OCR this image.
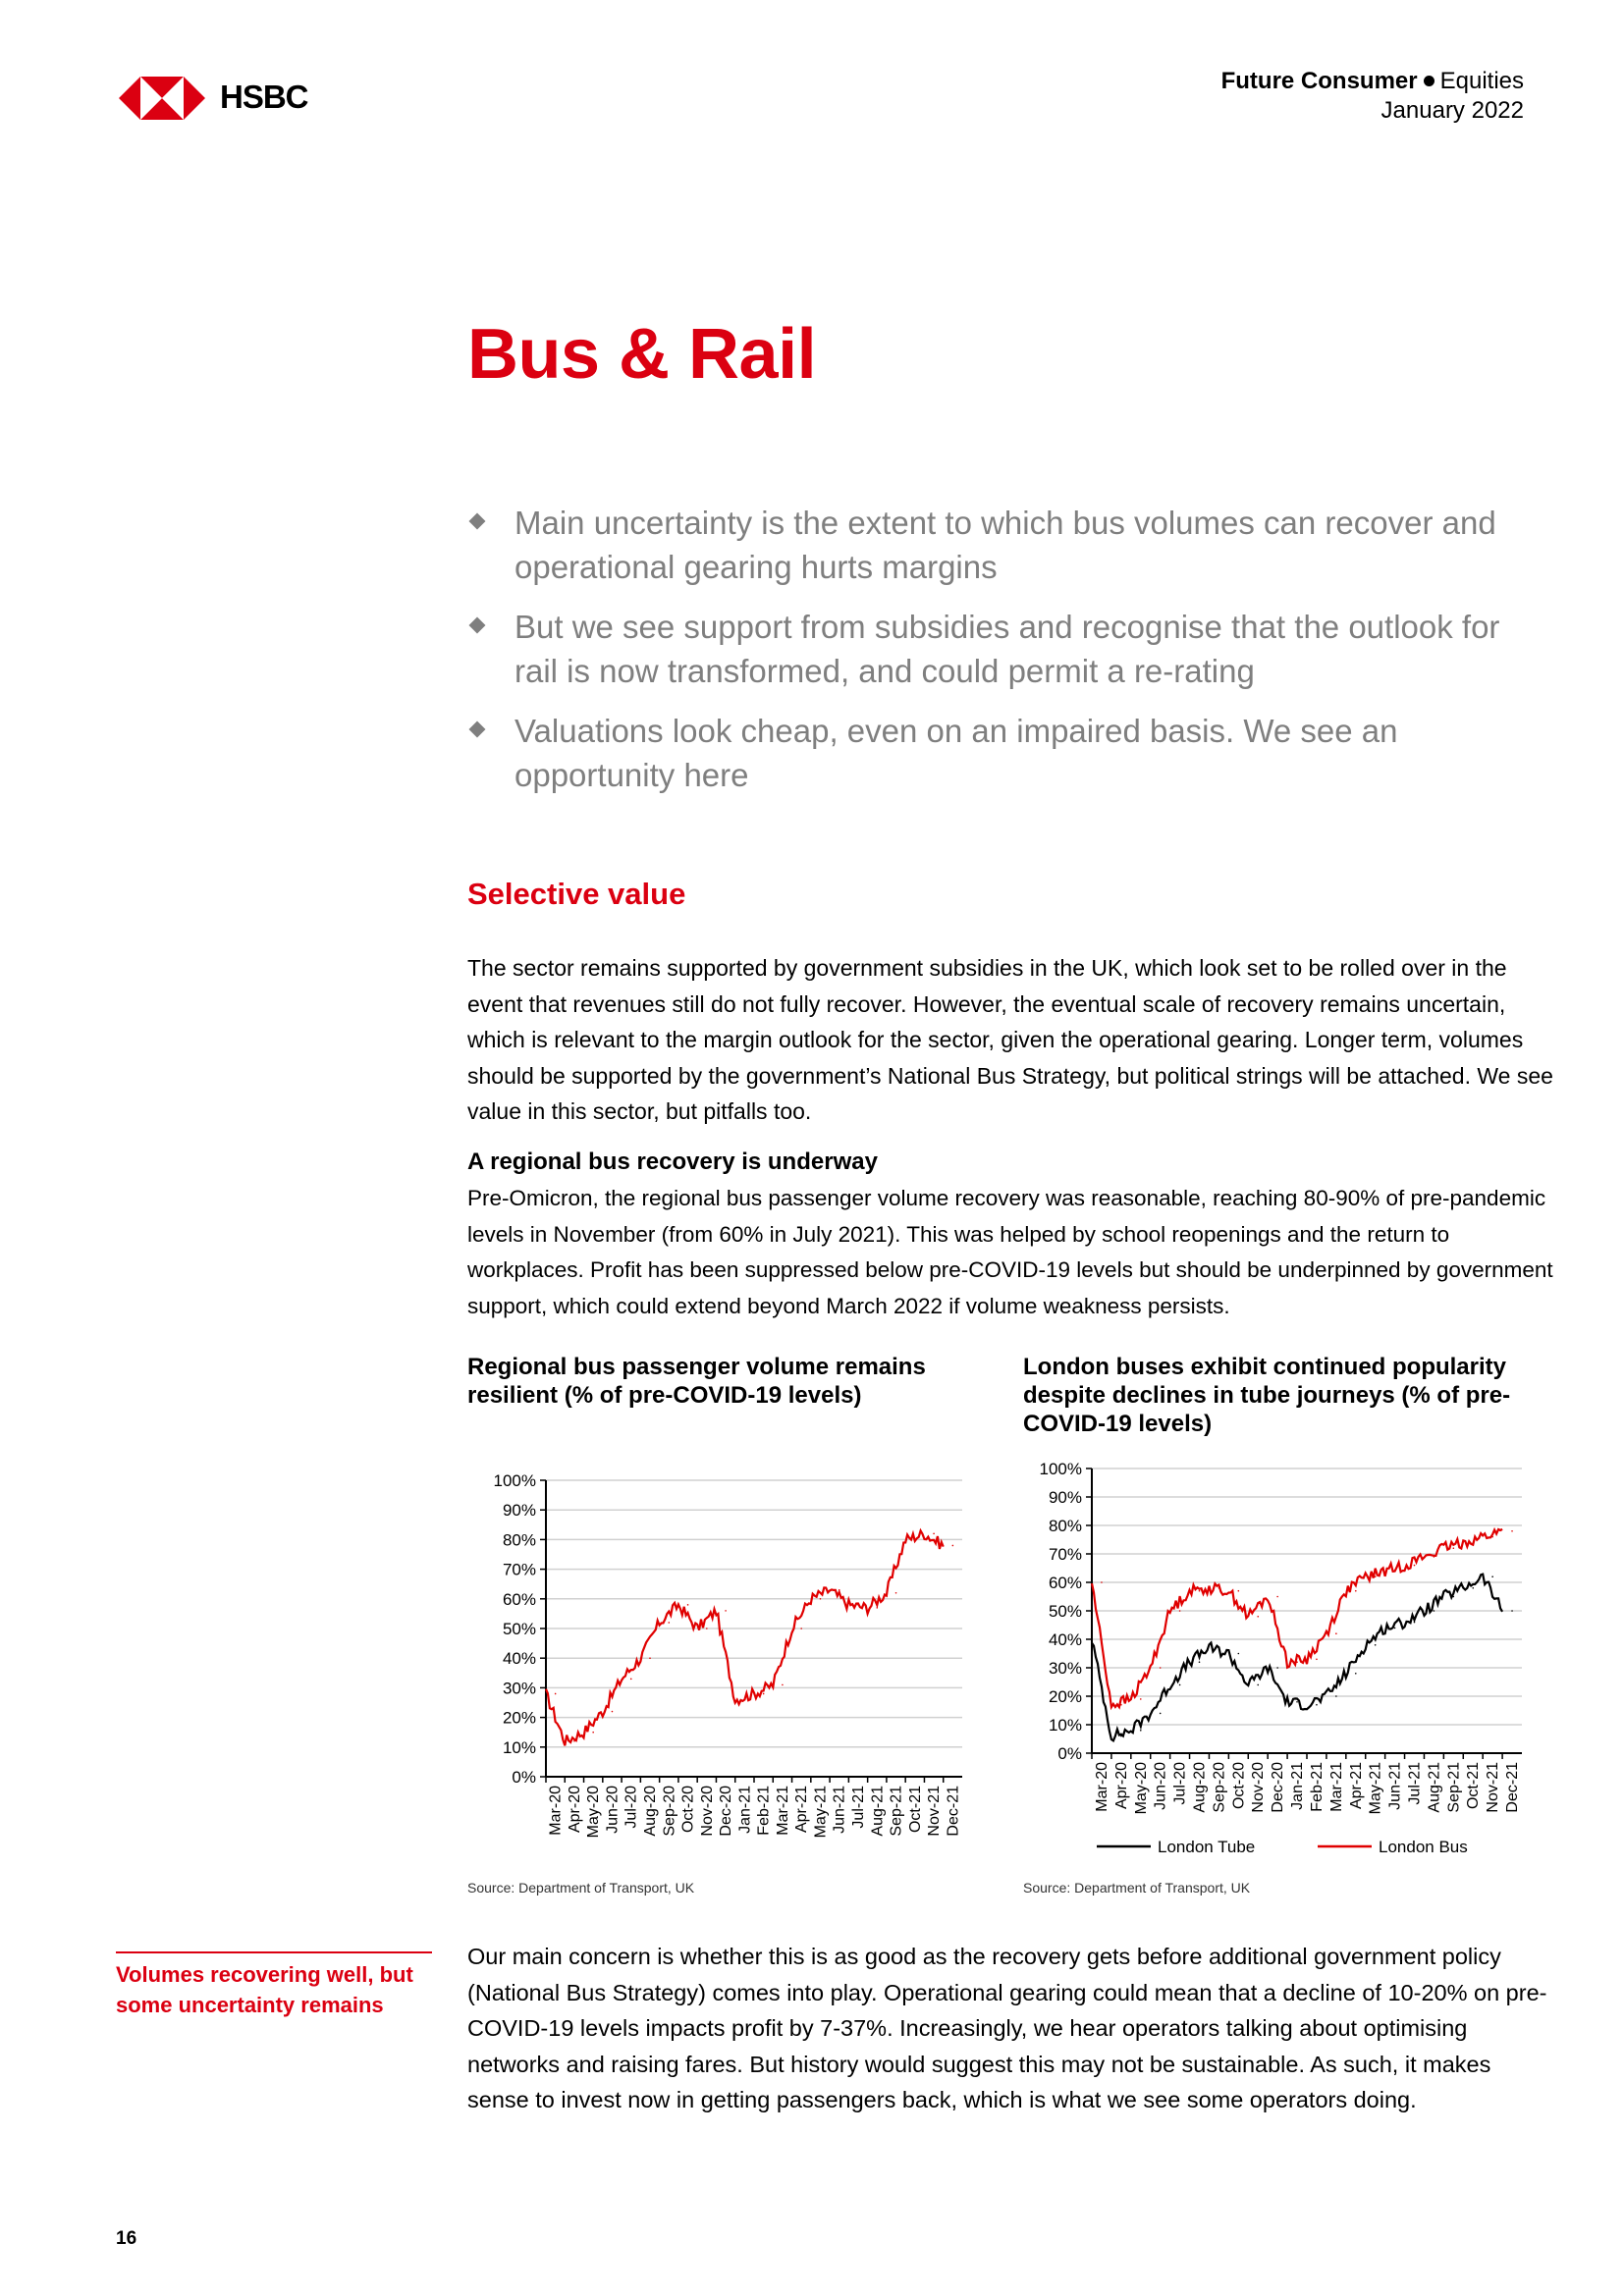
HSBC	Future Consumer Equities
January 2022
Bus & Rail
Main uncertainty is the extent to which bus volumes can recover and operational gearing hurts margins
But we see support from subsidies and recognise that the outlook for rail is now transformed, and could permit a re-rating
Valuations look cheap, even on an impaired basis. We see an opportunity here
Selective value

The sector remains supported by government subsidies in the UK, which look set to be rolled over in the event that revenues still do not fully recover. However, the eventual scale of recovery remains uncertain, which is relevant to the margin outlook for the sector, given the operational gearing. Longer term, volumes should be supported by the government’s National Bus Strategy, but political strings will be attached. We see value in this sector, but pitfalls too.

A regional bus recovery is underway

Pre-Omicron, the regional bus passenger volume recovery was reasonable, reaching 80-90% of pre-pandemic levels in November (from 60% in July 2021). This was helped by school reopenings and the return to workplaces. Profit has been suppressed below pre-COVID-19 levels but should be underpinned by government support, which could extend beyond March 2022 if volume weakness persists.

Regional bus passenger volume remains resilient (% of pre-COVID-19 levels)

0%
10%
20%
30%
40%
50%
60%
70%
80%
90%
100%
Mar-20 Apr-20 May-20 Jun-20 Jul-20 Aug-20 Sep-20 Oct-20 Nov-20 Dec-20 Jan-21 Feb-21 Mar-21 Apr-21 May-21 Jun-21 Jul-21 Aug-21 Sep-21 Oct-21 Nov-21 Dec-21
Source: Department of Transport, UK

London buses exhibit continued popularity despite declines in tube journeys (% of pre-COVID-19 levels)

0%
10%
20%
30%
40%
50%
60%
70%
80%
90%
100%
Mar-20 Apr-20 May-20 Jun-20 Jul-20 Aug-20 Sep-20 Oct-20 Nov-20 Dec-20 Jan-21 Feb-21 Mar-21 Apr-21 May-21 Jun-21 Jul-21 Aug-21 Sep-21 Oct-21 Nov-21 Dec-21
London Tube	London Bus
Source: Department of Transport, UK

Volumes recovering well, but some uncertainty remains

Our main concern is whether this is as good as the recovery gets before additional government policy (National Bus Strategy) comes into play. Operational gearing could mean that a decline of 10-20% on pre-COVID-19 levels impacts profit by 7-37%. Increasingly, we hear operators talking about optimising networks and raising fares. But history would suggest this may not be sustainable. As such, it makes sense to invest now in getting passengers back, which is what we see some operators doing.

16
